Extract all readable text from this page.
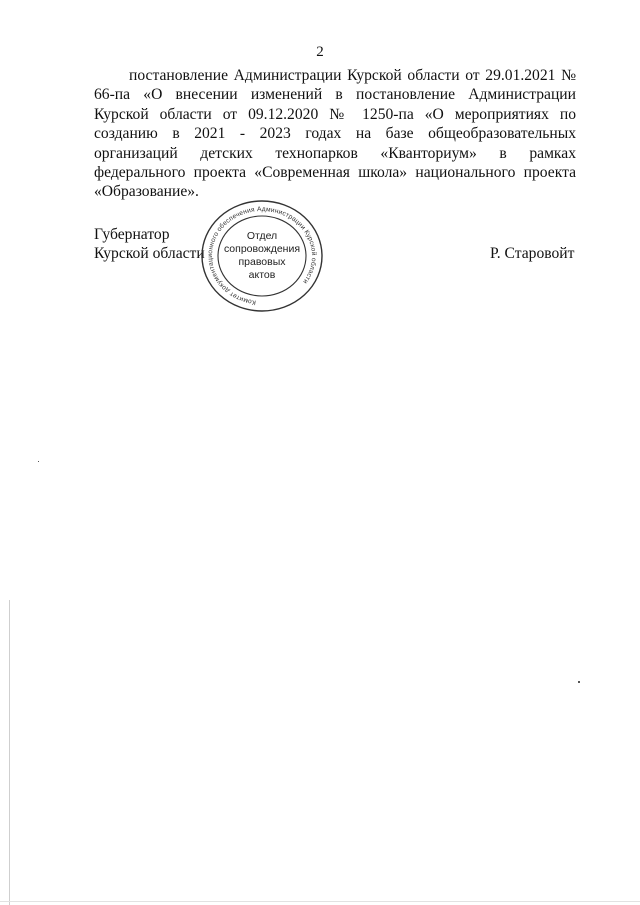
2

постановление Администрации Курской области от 29.01.2021 № 66-па «О внесении изменений в постановление Администрации Курской области от 09.12.2020 № 1250-па «О мероприятиях по созданию в 2021 - 2023 годах на базе общеобразовательных организаций детских технопарков «Кванториум» в рамках федерального проекта «Современная школа» национального проекта «Образование».

Губернатор
Курской области	Р. Старовойт
Комитет документационного обеспечения Администрации Курской области
Отдел
сопровождения
правовых
актов
